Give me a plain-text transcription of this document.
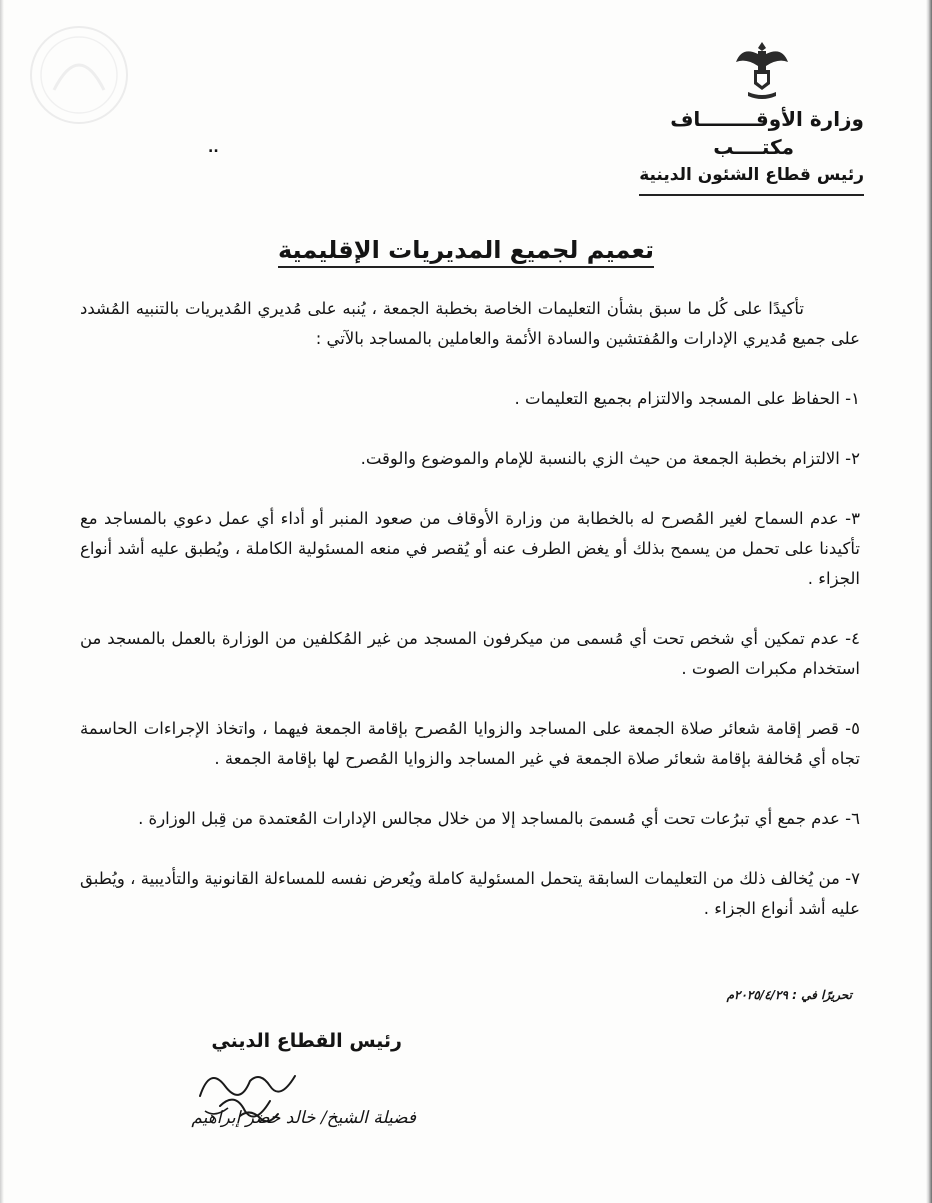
وزارة الأوقــــــــاف
مكتــــب
رئيس قطاع الشئون الدينية
..
تعميم لجميع المديريات الإقليمية

تأكيدًا على كُل ما سبق بشأن التعليمات الخاصة بخطبة الجمعة ، يُنبه على مُديري المُديريات بالتنبيه المُشدد على جميع مُديري الإدارات والمُفتشين والسادة الأئمة والعاملين بالمساجد بالآتي :

١- الحفاظ على المسجد والالتزام بجميع التعليمات .

٢- الالتزام بخطبة الجمعة من حيث الزي بالنسبة للإمام والموضوع والوقت.

٣- عدم السماح لغير المُصرح له بالخطابة من وزارة الأوقاف من صعود المنبر أو أداء أي عمل دعوي بالمساجد مع تأكيدنا على تحمل من يسمح بذلك أو يغض الطرف عنه أو يُقصر في منعه المسئولية الكاملة ، ويُطبق عليه أشد أنواع الجزاء .

٤- عدم تمكين أي شخص تحت أي مُسمى من ميكرفون المسجد من غير المُكلفين من الوزارة بالعمل بالمسجد من استخدام مكبرات الصوت .

٥- قصر إقامة شعائر صلاة الجمعة على المساجد والزوايا المُصرح بإقامة الجمعة فيهما ، واتخاذ الإجراءات الحاسمة تجاه أي مُخالفة بإقامة شعائر صلاة الجمعة في غير المساجد والزوايا المُصرح لها بإقامة الجمعة .

٦- عدم جمع أي تبرُعات تحت أي مُسمىَ بالمساجد إلا من خلال مجالس الإدارات المُعتمدة من قِبل الوزارة .

٧- من يُخالف ذلك من التعليمات السابقة يتحمل المسئولية كاملة ويُعرض نفسه للمساءلة القانونية والتأديبية ، ويُطبق عليه أشد أنواع الجزاء .

تحريرًا في : ٢٠٢٥/٤/٢٩م
رئيس القطاع الديني
فضيلة الشيخ/ خالد خضر إبراهيم
